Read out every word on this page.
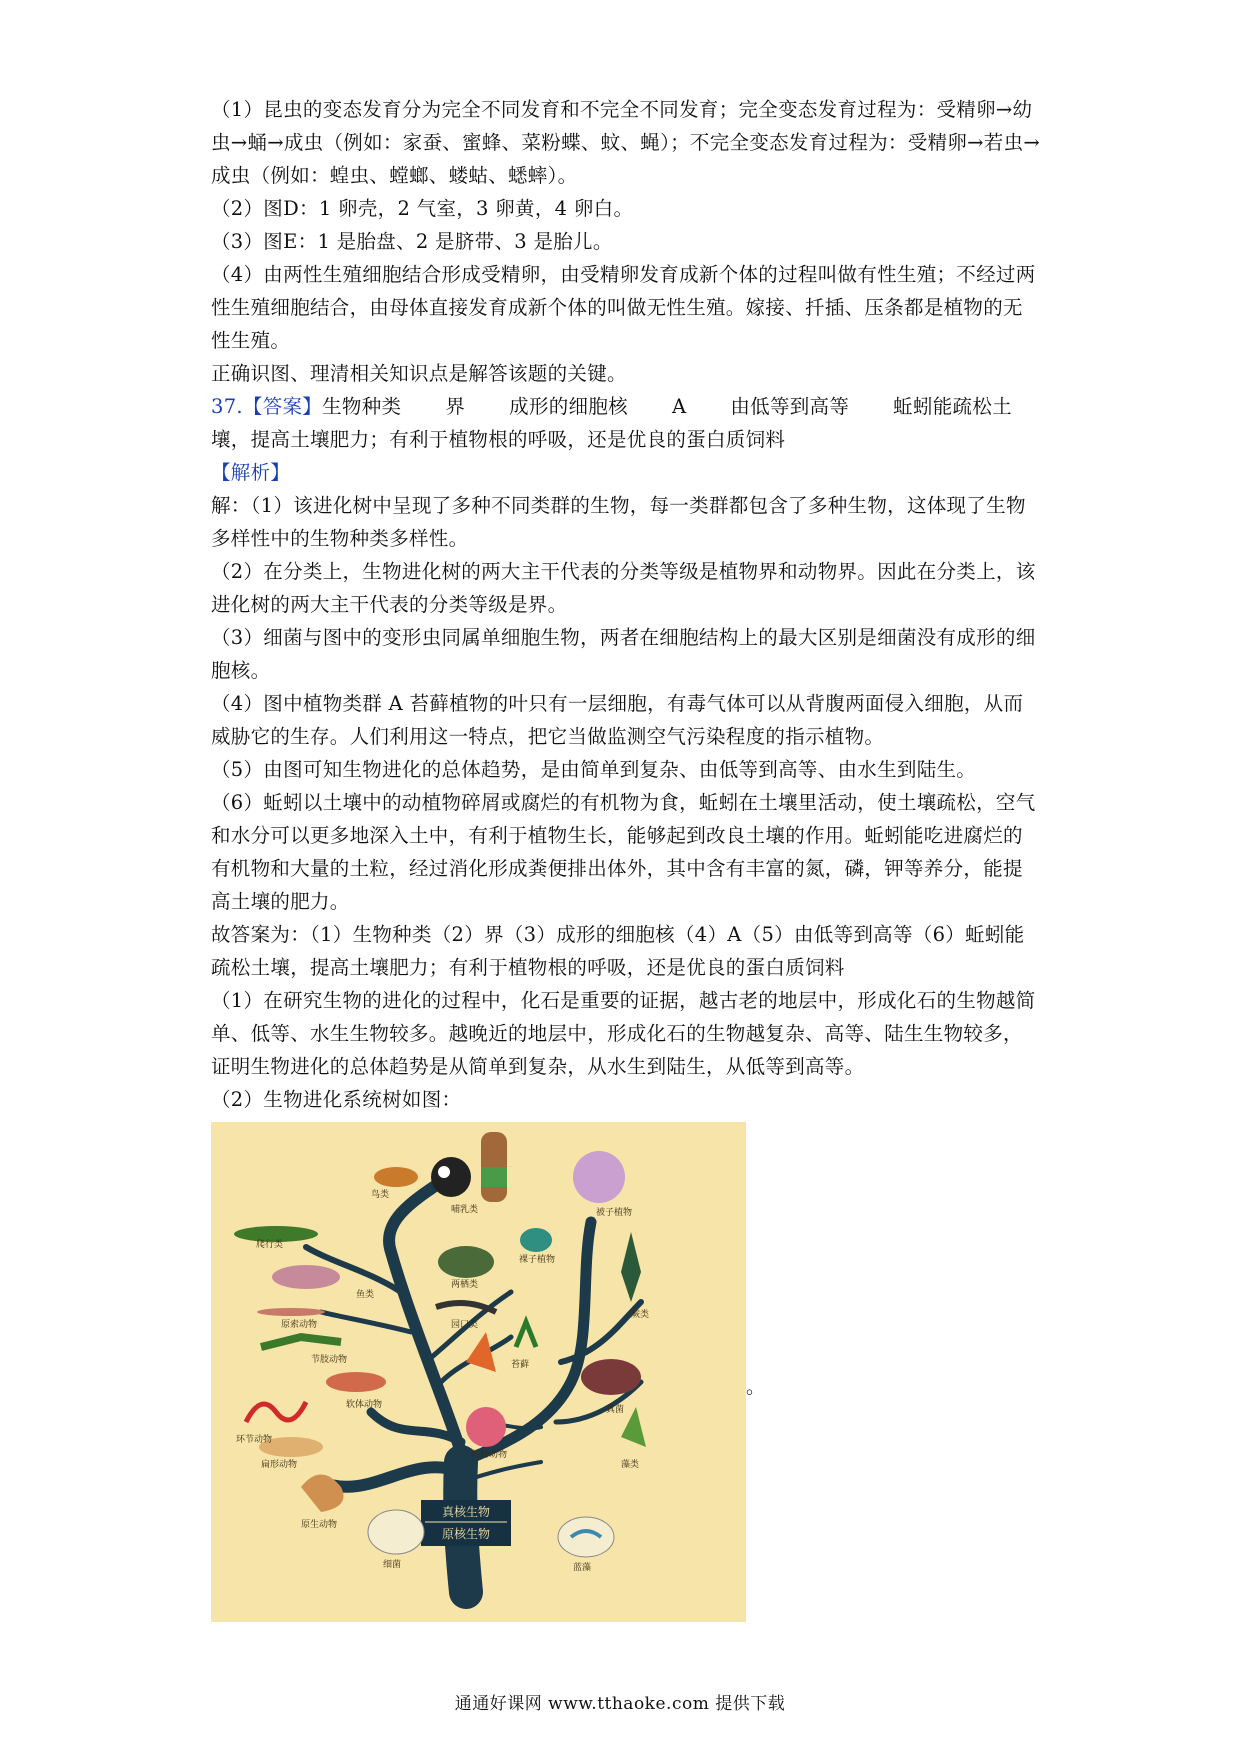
（1）昆虫的变态发育分为完全不同发育和不完全不同发育；完全变态发育过程为：受精卵→幼虫→蛹→成虫（例如：家蚕、蜜蜂、菜粉蝶、蚊、蝇）；不完全变态发育过程为：受精卵→若虫→成虫（例如：蝗虫、螳螂、蝼蛄、蟋蟀）。

（2）图D：1 卵壳，2 气室，3 卵黄，4 卵白。

（3）图E：1 是胎盘、2 是脐带、3 是胎儿。

（4）由两性生殖细胞结合形成受精卵，由受精卵发育成新个体的过程叫做有性生殖；不经过两性生殖细胞结合，由母体直接发育成新个体的叫做无性生殖。嫁接、扦插、压条都是植物的无性生殖。

正确识图、理清相关知识点是解答该题的关键。

37.【答案】生物种类 界 成形的细胞核 A 由低等到高等 蚯蚓能疏松土壤，提高土壤肥力；有利于植物根的呼吸，还是优良的蛋白质饲料

【解析】

解：（1）该进化树中呈现了多种不同类群的生物，每一类群都包含了多种生物，这体现了生物多样性中的生物种类多样性。

（2）在分类上，生物进化树的两大主干代表的分类等级是植物界和动物界。因此在分类上，该进化树的两大主干代表的分类等级是界。

（3）细菌与图中的变形虫同属单细胞生物，两者在细胞结构上的最大区别是细菌没有成形的细胞核。

（4）图中植物类群 A 苔藓植物的叶只有一层细胞，有毒气体可以从背腹两面侵入细胞，从而威胁它的生存。人们利用这一特点，把它当做监测空气污染程度的指示植物。

（5）由图可知生物进化的总体趋势，是由简单到复杂、由低等到高等、由水生到陆生。

（6）蚯蚓以土壤中的动植物碎屑或腐烂的有机物为食，蚯蚓在土壤里活动，使土壤疏松，空气和水分可以更多地深入土中，有利于植物生长，能够起到改良土壤的作用。蚯蚓能吃进腐烂的有机物和大量的土粒，经过消化形成粪便排出体外，其中含有丰富的氮，磷，钾等养分，能提高土壤的肥力。

故答案为：（1）生物种类（2）界（3）成形的细胞核（4）A（5）由低等到高等（6）蚯蚓能疏松土壤，提高土壤肥力；有利于植物根的呼吸，还是优良的蛋白质饲料

（1）在研究生物的进化的过程中，化石是重要的证据，越古老的地层中，形成化石的生物越简单、低等、水生生物较多。越晚近的地层中，形成化石的生物越复杂、高等、陆生生物较多，证明生物进化的总体趋势是从简单到复杂，从水生到陆生，从低等到高等。

（2）生物进化系统树如图：

真核生物
原核生物
鸟类
哺乳类	被子植物
爬行类
两栖类
裸子植物
鱼类
原索动物	园口类
蕨类
节肢动物	苔藓
腔肠动物
软体动物
环节动物
真菌
扁形动物	藻类
原生动物
细菌	蓝藻
。
通通好课网 www.tthaoke.com 提供下载
